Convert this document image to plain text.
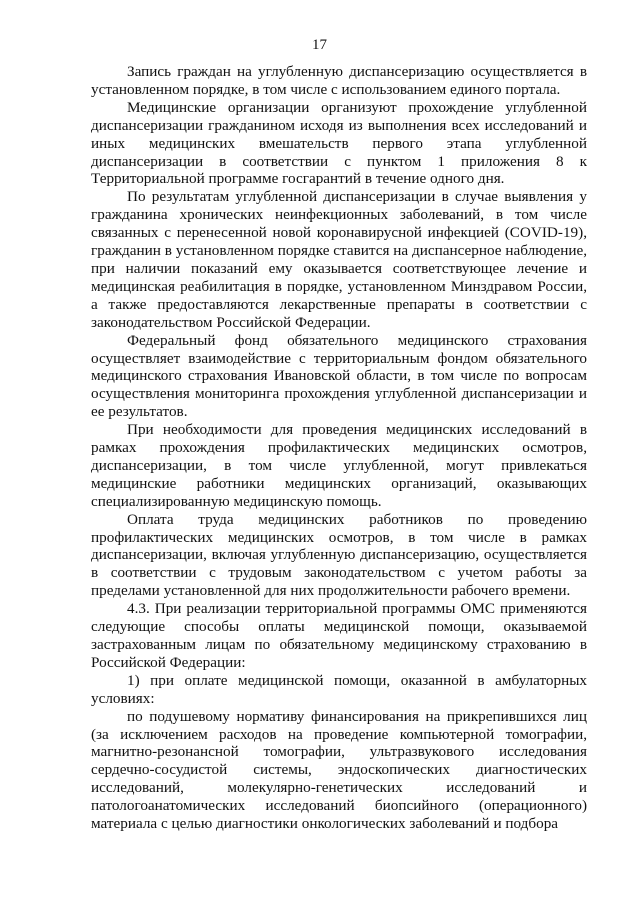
17

Запись граждан на углубленную диспансеризацию осуществляется в установленном порядке, в том числе с использованием единого портала.

Медицинские организации организуют прохождение углубленной диспансеризации гражданином исходя из выполнения всех исследований и иных медицинских вмешательств первого этапа углубленной диспансеризации в соответствии с пунктом 1 приложения 8 к Территориальной программе госгарантий в течение одного дня.

По результатам углубленной диспансеризации в случае выявления у гражданина хронических неинфекционных заболеваний, в том числе связанных с перенесенной новой коронавирусной инфекцией (COVID-19), гражданин в установленном порядке ставится на диспансерное наблюдение, при наличии показаний ему оказывается соответствующее лечение и медицинская реабилитация в порядке, установленном Минздравом России, а также предоставляются лекарственные препараты в соответствии с законодательством Российской Федерации.

Федеральный фонд обязательного медицинского страхования осуществляет взаимодействие с территориальным фондом обязательного медицинского страхования Ивановской области, в том числе по вопросам осуществления мониторинга прохождения углубленной диспансеризации и ее результатов.

При необходимости для проведения медицинских исследований в рамках прохождения профилактических медицинских осмотров, диспансеризации, в том числе углубленной, могут привлекаться медицинские работники медицинских организаций, оказывающих специализированную медицинскую помощь.

Оплата труда медицинских работников по проведению профилактических медицинских осмотров, в том числе в рамках диспансеризации, включая углубленную диспансеризацию, осуществляется в соответствии с трудовым законодательством с учетом работы за пределами установленной для них продолжительности рабочего времени.

4.3. При реализации территориальной программы ОМС применяются следующие способы оплаты медицинской помощи, оказываемой застрахованным лицам по обязательному медицинскому страхованию в Российской Федерации:

1) при оплате медицинской помощи, оказанной в амбулаторных условиях:

по подушевому нормативу финансирования на прикрепившихся лиц (за исключением расходов на проведение компьютерной томографии, магнитно-резонансной томографии, ультразвукового исследования сердечно-сосудистой системы, эндоскопических диагностических исследований, молекулярно-генетических исследований и патологоанатомических исследований биопсийного (операционного) материала с целью диагностики онкологических заболеваний и подбора
